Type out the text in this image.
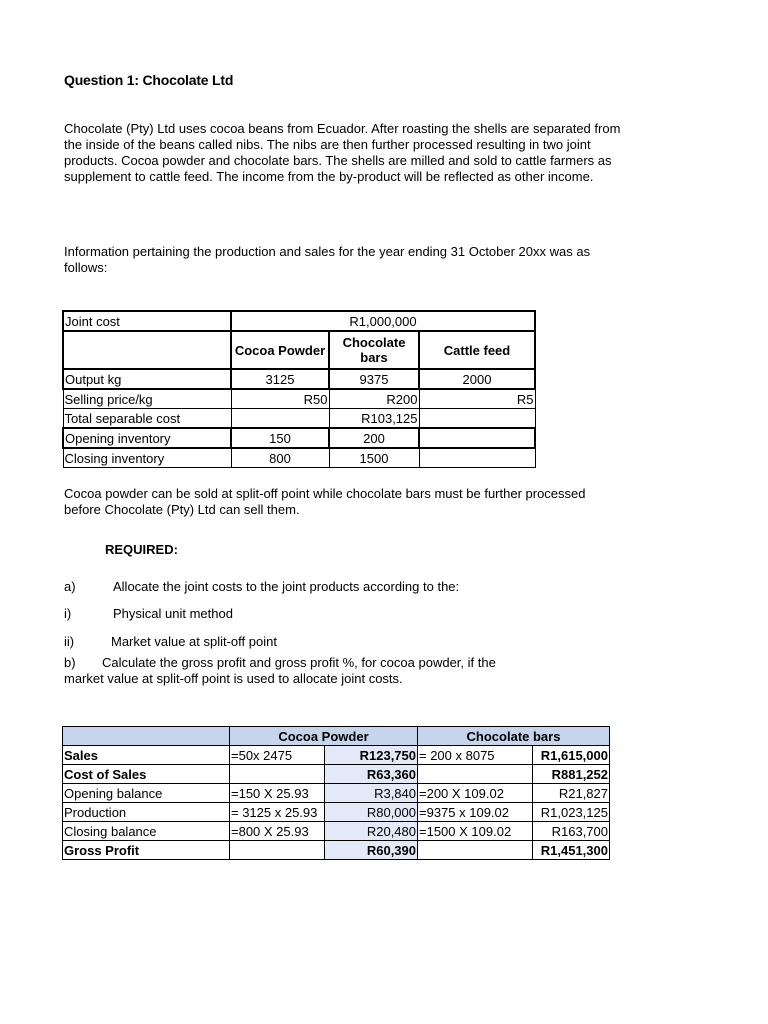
Question 1: Chocolate Ltd
Chocolate (Pty) Ltd uses cocoa beans from Ecuador. After roasting the shells are separated from the inside of the beans called nibs. The nibs are then further processed resulting in two joint products. Cocoa powder and chocolate bars. The shells are milled and sold to cattle farmers as supplement to cattle feed. The income from the by-product will be reflected as other income.
Information pertaining the production and sales for the year ending 31 October 20xx was as follows:
Joint cost	R1,000,000		
	Cocoa Powder	Chocolate bars	Cattle feed
Output kg	3125	9375	2000
Selling price/kg	R50	R200	R5
Total separable cost		R103,125	
Opening inventory	150	200	
Closing inventory	800	1500	
Cocoa powder can be sold at split-off point while chocolate bars must be further processed before Chocolate (Pty) Ltd can sell them.
REQUIRED:
a)	Allocate the joint costs to the joint products according to the:
i)	Physical unit method
ii)	Market value at split-off point
b) Calculate the gross profit and gross profit %, for cocoa powder, if the
market value at split-off point is used to allocate joint costs.
	Cocoa Powder		Chocolate bars	
Sales	=50x 2475	R123,750	= 200 x 8075	R1,615,000
Cost of Sales		R63,360		R881,252
Opening balance	=150 X 25.93	R3,840	=200 X 109.02	R21,827
Production	= 3125 x 25.93	R80,000	=9375 x 109.02	R1,023,125
Closing balance	=800 X 25.93	R20,480	=1500 X 109.02	R163,700
Gross Profit		R60,390		R1,451,300
